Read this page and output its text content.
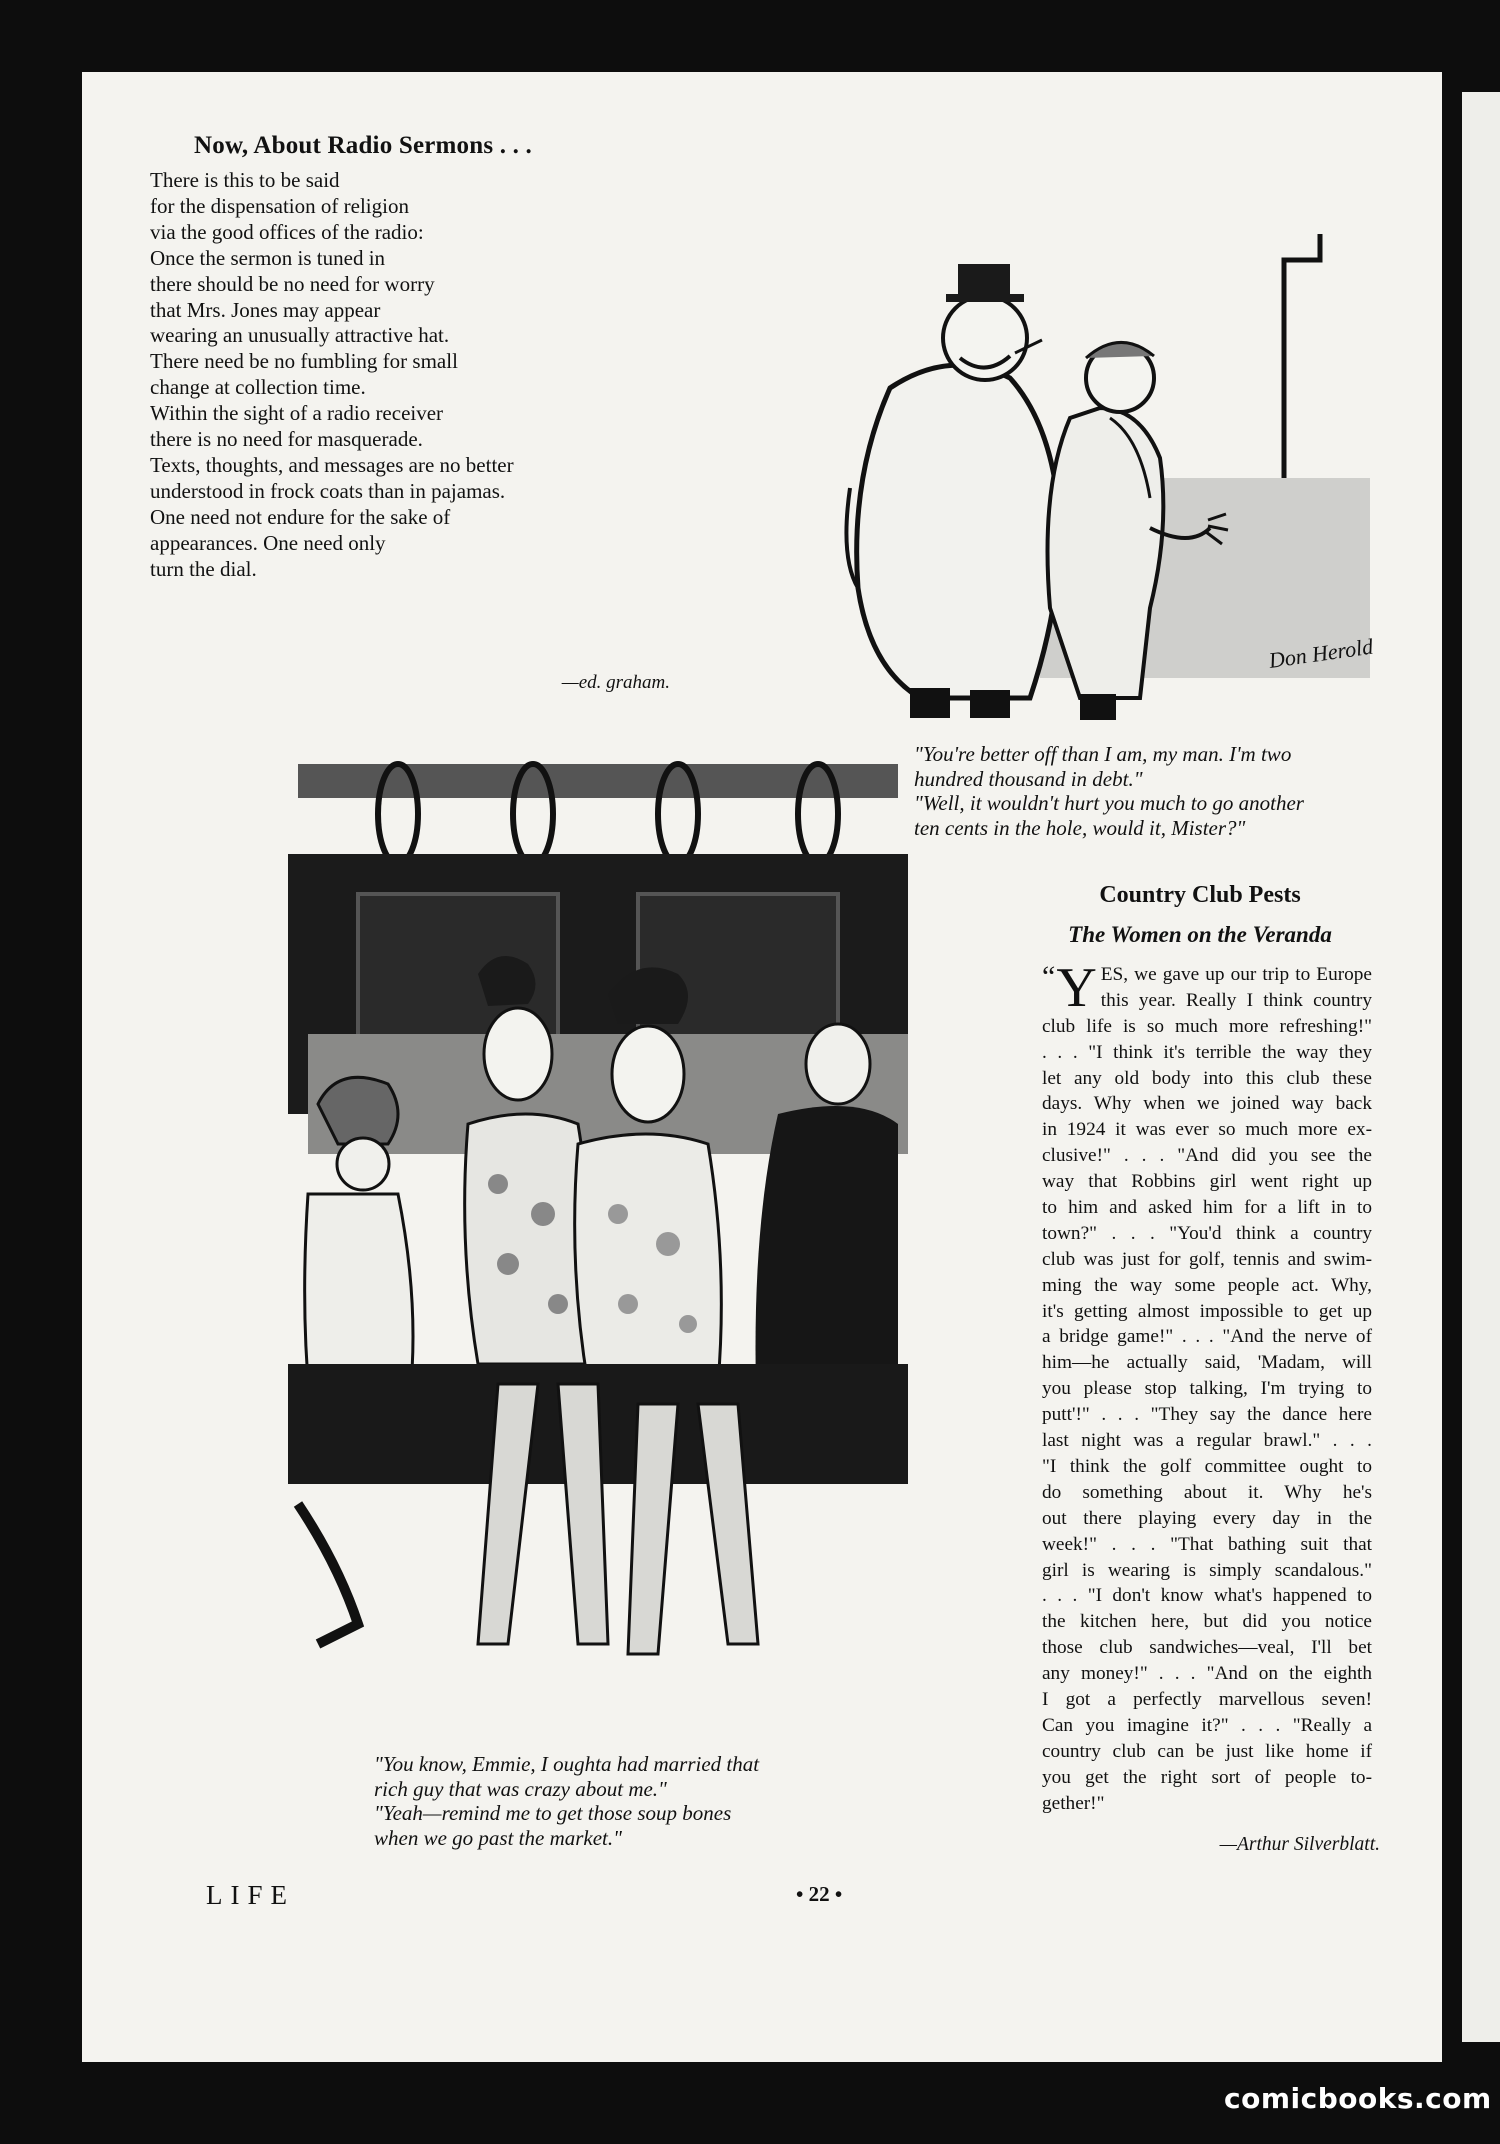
Now, About Radio Sermons . . .
There is this to be said
for the dispensation of religion
via the good offices of the radio:
Once the sermon is tuned in
there should be no need for worry
that Mrs. Jones may appear
wearing an unusually attractive hat.
There need be no fumbling for small
change at collection time.
Within the sight of a radio receiver
there is no need for masquerade.
Texts, thoughts, and messages are no better
understood in frock coats than in pajamas.
One need not endure for the sake of
appearances. One need only
turn the dial.
—ed. graham.
Don Herold
"You're better off than I am, my man. I'm two
hundred thousand in debt."
"Well, it wouldn't hurt you much to go another
ten cents in the hole, would it, Mister?"
"You know, Emmie, I oughta had married that
rich guy that was crazy about me."
"Yeah—remind me to get those soup bones
when we go past the market."
Country Club Pests
The Women on the Veranda
“ Y ES, we gave up our trip to Europe
this year. Really I think country
club life is so much more refreshing!"
. . . "I think it's terrible the way they
let any old body into this club these
days. Why when we joined way back
in 1924 it was ever so much more ex-
clusive!" . . . "And did you see the
way that Robbins girl went right up
to him and asked him for a lift in to
town?" . . . "You'd think a country
club was just for golf, tennis and swim-
ming the way some people act. Why,
it's getting almost impossible to get up
a bridge game!" . . . "And the nerve of
him—he actually said, 'Madam, will
you please stop talking, I'm trying to
putt'!" . . . "They say the dance here
last night was a regular brawl." . . .
"I think the golf committee ought to
do something about it. Why he's
out there playing every day in the
week!" . . . "That bathing suit that
girl is wearing is simply scandalous."
. . . "I don't know what's happened to
the kitchen here, but did you notice
those club sandwiches—veal, I'll bet
any money!" . . . "And on the eighth
I got a perfectly marvellous seven!
Can you imagine it?" . . . "Really a
country club can be just like home if
you get the right sort of people to-
gether!"
—Arthur Silverblatt.
LIFE	• 22 •
comicbooks.com
